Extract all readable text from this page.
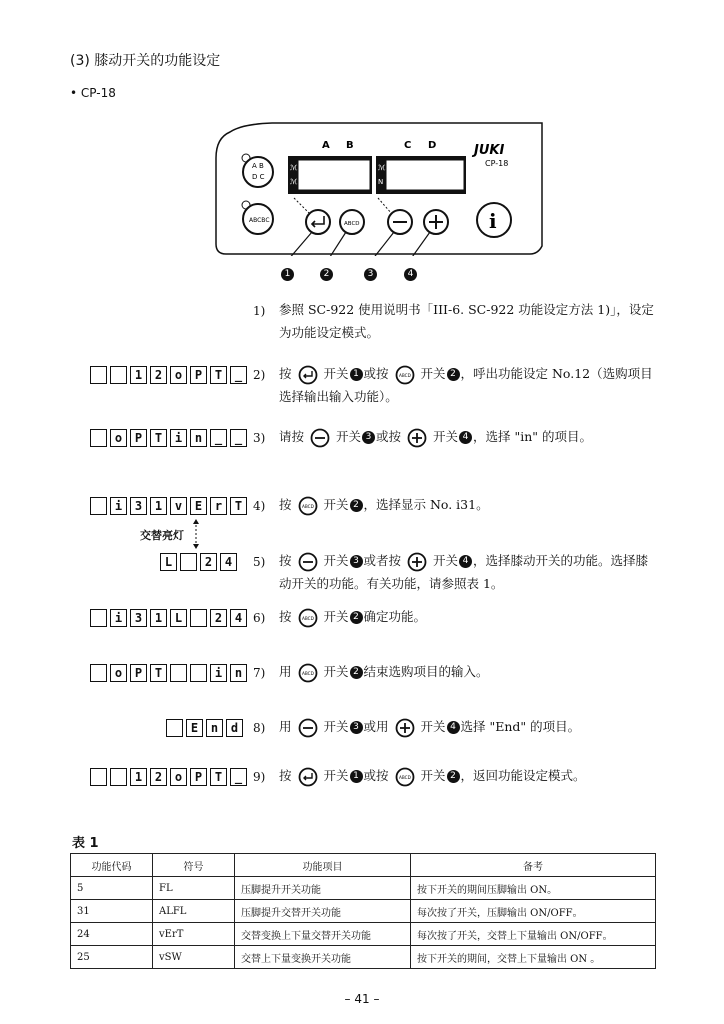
(3) 膝动开关的功能设定
• CP-18
A B
D C
ABCBC
ℳ
ℳ
ℳ
N
A B	C D	JUKI
CP-18
ABCD	i
1	2	3	4
1) 参照 SC-922 使用说明书「III-6. SC-922 功能设定方法 1)」，设定为功能设定模式。
1	2	o	P	T	_ 2) 按	开关 1 或按 ABCD 开关 2 ，呼出功能设定 No.12（选购项目选择输出输入功能）。
o	P	T	i	n	_	_ 3) 请按	开关 3 或按	开关 4 ，选择 "in" 的项目。
i	3	1	v	E	r	T 4) 按 ABCD 开关 2 ，选择显示 No. i31。
交替亮灯
L	2	4	5) 按	开关 3 或者按	开关 4 ，选择膝动开关的功能。选择膝动开关的功能。有关功能，请参照表 1。
i	3	1	L	2	4 6) 按 ABCD 开关 2 确定功能。
o	P	T	i	n 7) 用 ABCD 开关 2 结束选购项目的输入。
E	n	d	8) 用	开关 3 或用	开关 4 选择 "End" 的项目。
1	2	o	P	T	_ 9) 按	开关 1 或按 ABCD 开关 2 ，返回功能设定模式。
表 1
功能代码	符号	功能项目	备考
5	FL	压脚提升开关功能	按下开关的期间压脚输出 ON。
31	ALFL	压脚提升交替开关功能	每次按了开关，压脚输出 ON/OFF。
24	vErT	交替变换上下量交替开关功能	每次按了开关，交替上下量输出 ON/OFF。
25	vSW	交替上下量变换开关功能	按下开关的期间，交替上下量输出 ON 。
– 41 –
